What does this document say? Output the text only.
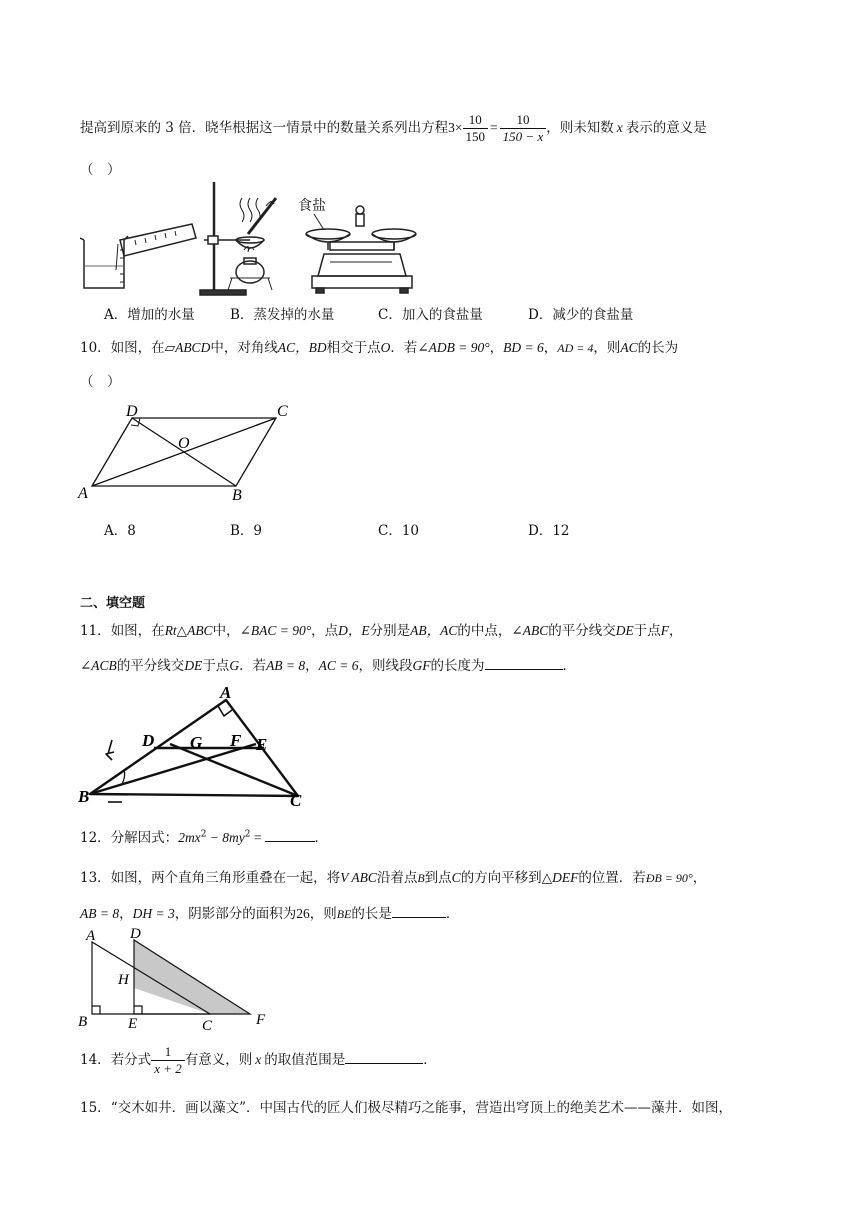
提高到原来的 3 倍．晓华根据这一情景中的数量关系列出方程$3\times \frac{10}{150} = \frac{10}{150 - x}$ ，则未知数 x 表示的意义是
（　）
食盐
A．增加的水量	B．蒸发掉的水量	C．加入的食盐量	D．减少的食盐量
10．如图，在▱ABCD中，对角线AC，BD相交于点O．若∠ADB = 90°，BD = 6，AD = 4，则AC的长为
（　）
A	B
C
D
O
A．8	B．9	C．10	D．12
二、填空题
11．如图，在Rt△ABC中，∠BAC = 90°，点D，E分别是AB，AC的中点，∠ABC的平分线交DE于点F，
∠ACB的平分线交DE于点G．若AB = 8，AC = 6，则线段GF的长度为	．
A
B	C
D	E
F
G
12．分解因式：$2mx^2 - 8my^2$ =	．
13．如图，两个直角三角形重叠在一起，将V ABC沿着点B到点C的方向平移到△DEF的位置．若ÐB = 90°，
AB = 8，DH = 3，阴影部分的面积为26，则BE的长是	．
A
B	C
D
E	F
H
14．若分式 $\frac{1}{x + 2}$ 有意义，则 x 的取值范围是	．
15．“交木如井．画以藻文”．中国古代的匠人们极尽精巧之能事，营造出穹顶上的绝美艺术——藻井．如图，
